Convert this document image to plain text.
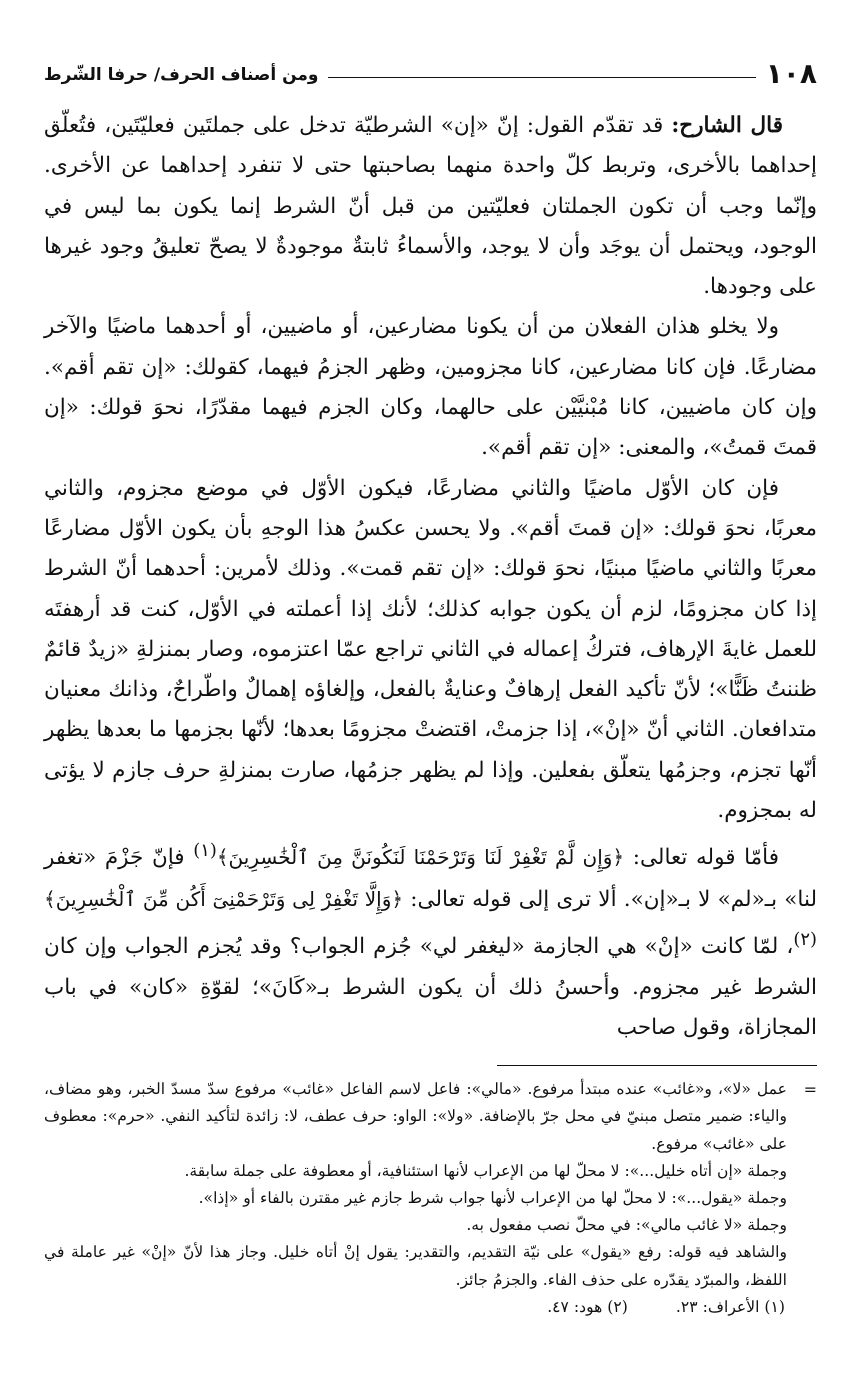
١٠٨
ومن أصناف الحرف/ حرفا الشّرط

قال الشارح: قد تقدّم القول: إنّ «إن» الشرطيّة تدخل على جملتَين فعليّتَين، فتُعلّق إحداهما بالأخرى، وتربط كلّ واحدة منهما بصاحبتها حتى لا تنفرد إحداهما عن الأخرى. وإنّما وجب أن تكون الجملتان فعليّتين من قبل أنّ الشرط إنما يكون بما ليس في الوجود، ويحتمل أن يوجَد وأن لا يوجد، والأسماءُ ثابتةٌ موجودةٌ لا يصحّ تعليقُ وجود غيرها على وجودها.

ولا يخلو هذان الفعلان من أن يكونا مضارعين، أو ماضيين، أو أحدهما ماضيًا والآخر مضارعًا. فإن كانا مضارعين، كانا مجزومين، وظهر الجزمُ فيهما، كقولك: «إن تقم أقم». وإن كان ماضيين، كانا مُبْنيَّيْن على حالهما، وكان الجزم فيهما مقدّرًا، نحوَ قولك: «إن قمتَ قمتُ»، والمعنى: «إن تقم أقم».

فإن كان الأوّل ماضيًا والثاني مضارعًا، فيكون الأوّل في موضع مجزوم، والثاني معربًا، نحوَ قولك: «إن قمتَ أقم». ولا يحسن عكسُ هذا الوجهِ بأن يكون الأوّل مضارعًا معربًا والثاني ماضيًا مبنيًا، نحوَ قولك: «إن تقم قمت». وذلك لأمرين: أحدهما أنّ الشرط إذا كان مجزومًا، لزم أن يكون جوابه كذلك؛ لأنك إذا أعملته في الأوّل، كنت قد أرهفتَه للعمل غايةَ الإرهاف، فتركُ إعماله في الثاني تراجع عمّا اعتزموه، وصار بمنزلةِ «زيدٌ قائمٌ ظننتُ ظَنًّا»؛ لأنّ تأكيد الفعل إرهافٌ وعنايةٌ بالفعل، وإلغاؤه إهمالٌ واطّراحٌ، وذانك معنيان متدافعان. الثاني أنّ «إنْ»، إذا جزمتْ، اقتضتْ مجزومًا بعدها؛ لأنّها بجزمها ما بعدها يظهر أنّها تجزم، وجزمُها يتعلّق بفعلين. وإذا لم يظهر جزمُها، صارت بمنزلةِ حرف جازم لا يؤتى له بمجزوم.

فأمّا قوله تعالى: ﴿وَإِن لَّمْ تَغْفِرْ لَنَا وَتَرْحَمْنَا لَنَكُونَنَّ مِنَ ٱلْخَٰسِرِينَ﴾$^{(١)}$ فإنّ جَزْمَ «تغفر لنا» بـ«لم» لا بـ«إن». ألا ترى إلى قوله تعالى: ﴿وَإِلَّا تَغْفِرْ لِى وَتَرْحَمْنِىٓ أَكُن مِّنَ ٱلْخَٰسِرِينَ﴾$^{(٢)}$، لمّا كانت «إنْ» هي الجازمة «ليغفر لي» جُزم الجواب؟ وقد يُجزم الجواب وإن كان الشرط غير مجزوم. وأحسنُ ذلك أن يكون الشرط بـ«كَانَ»؛ لقوّةِ «كان» في باب المجازاة، وقول صاحب

=

عمل «لا»، و«غائب» عنده مبتدأ مرفوع. «مالي»: فاعل لاسم الفاعل «غائب» مرفوع سدّ مسدّ الخبر، وهو مضاف، والياء: ضمير متصل مبنيّ في محل جرّ بالإضافة. «ولا»: الواو: حرف عطف، لا: زائدة لتأكيد النفي. «حرم»: معطوف على «غائب» مرفوع.

وجملة «إن أتاه خليل...»: لا محلّ لها من الإعراب لأنها استئنافية، أو معطوفة على جملة سابقة.

وجملة «يقول...»: لا محلّ لها من الإعراب لأنها جواب شرط جازم غير مقترن بالفاء أو «إذا».

وجملة «لا غائب مالي»: في محلّ نصب مفعول به.

والشاهد فيه قوله: رفع «يقول» على نيّة التقديم، والتقدير: يقول إنْ أتاه خليل. وجاز هذا لأنّ «إنْ» غير عاملة في اللفظ، والمبرّد يقدّره على حذف الفاء. والجزمُ جائز.

(١) الأعراف: ٢٣.
(٢) هود: ٤٧.
